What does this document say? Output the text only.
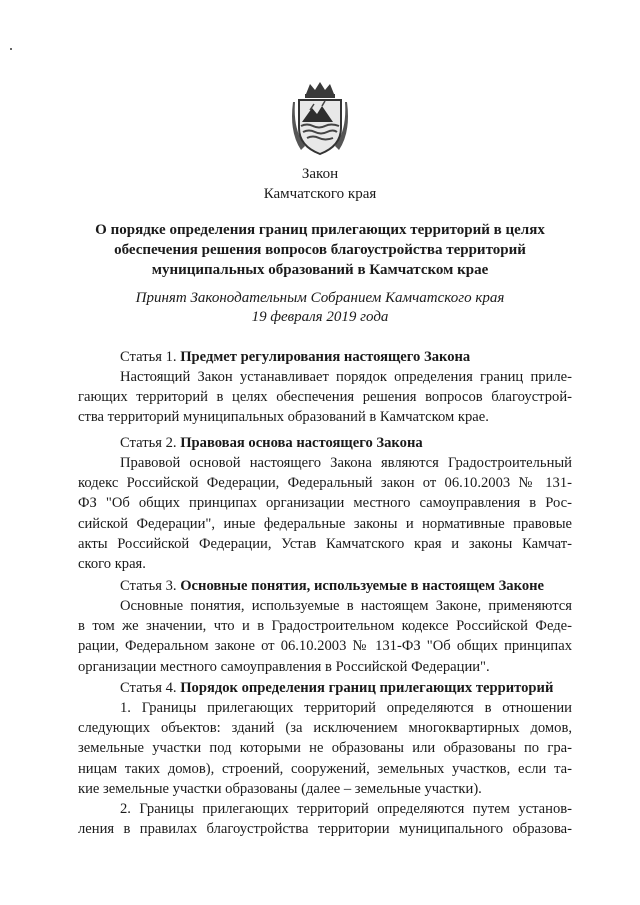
Закон
Камчатского края
О порядке определения границ прилегающих территорий в целях
обеспечения решения вопросов благоустройства территорий
муниципальных образований в Камчатском крае
Принят Законодательным Собранием Камчатского края
19 февраля 2019 года
Статья 1. Предмет регулирования настоящего Закона
Настоящий Закон устанавливает порядок определения границ приле-
гающих территорий в целях обеспечения решения вопросов благоустрой-
ства территорий муниципальных образований в Камчатском крае.
Статья 2. Правовая основа настоящего Закона
Правовой основой настоящего Закона являются Градостроительный
кодекс Российской Федерации, Федеральный закон от 06.10.2003 № 131-
ФЗ "Об общих принципах организации местного самоуправления в Рос-
сийской Федерации", иные федеральные законы и нормативные правовые
акты Российской Федерации, Устав Камчатского края и законы Камчат-
ского края.
Статья 3. Основные понятия, используемые в настоящем Законе
Основные понятия, используемые в настоящем Законе, применяются
в том же значении, что и в Градостроительном кодексе Российской Феде-
рации, Федеральном законе от 06.10.2003 № 131-ФЗ "Об общих принципах
организации местного самоуправления в Российской Федерации".
Статья 4. Порядок определения границ прилегающих территорий
1. Границы прилегающих территорий определяются в отношении
следующих объектов: зданий (за исключением многоквартирных домов,
земельные участки под которыми не образованы или образованы по гра-
ницам таких домов), строений, сооружений, земельных участков, если та-
кие земельные участки образованы (далее – земельные участки).
2. Границы прилегающих территорий определяются путем установ-
ления в правилах благоустройства территории муниципального образова-
